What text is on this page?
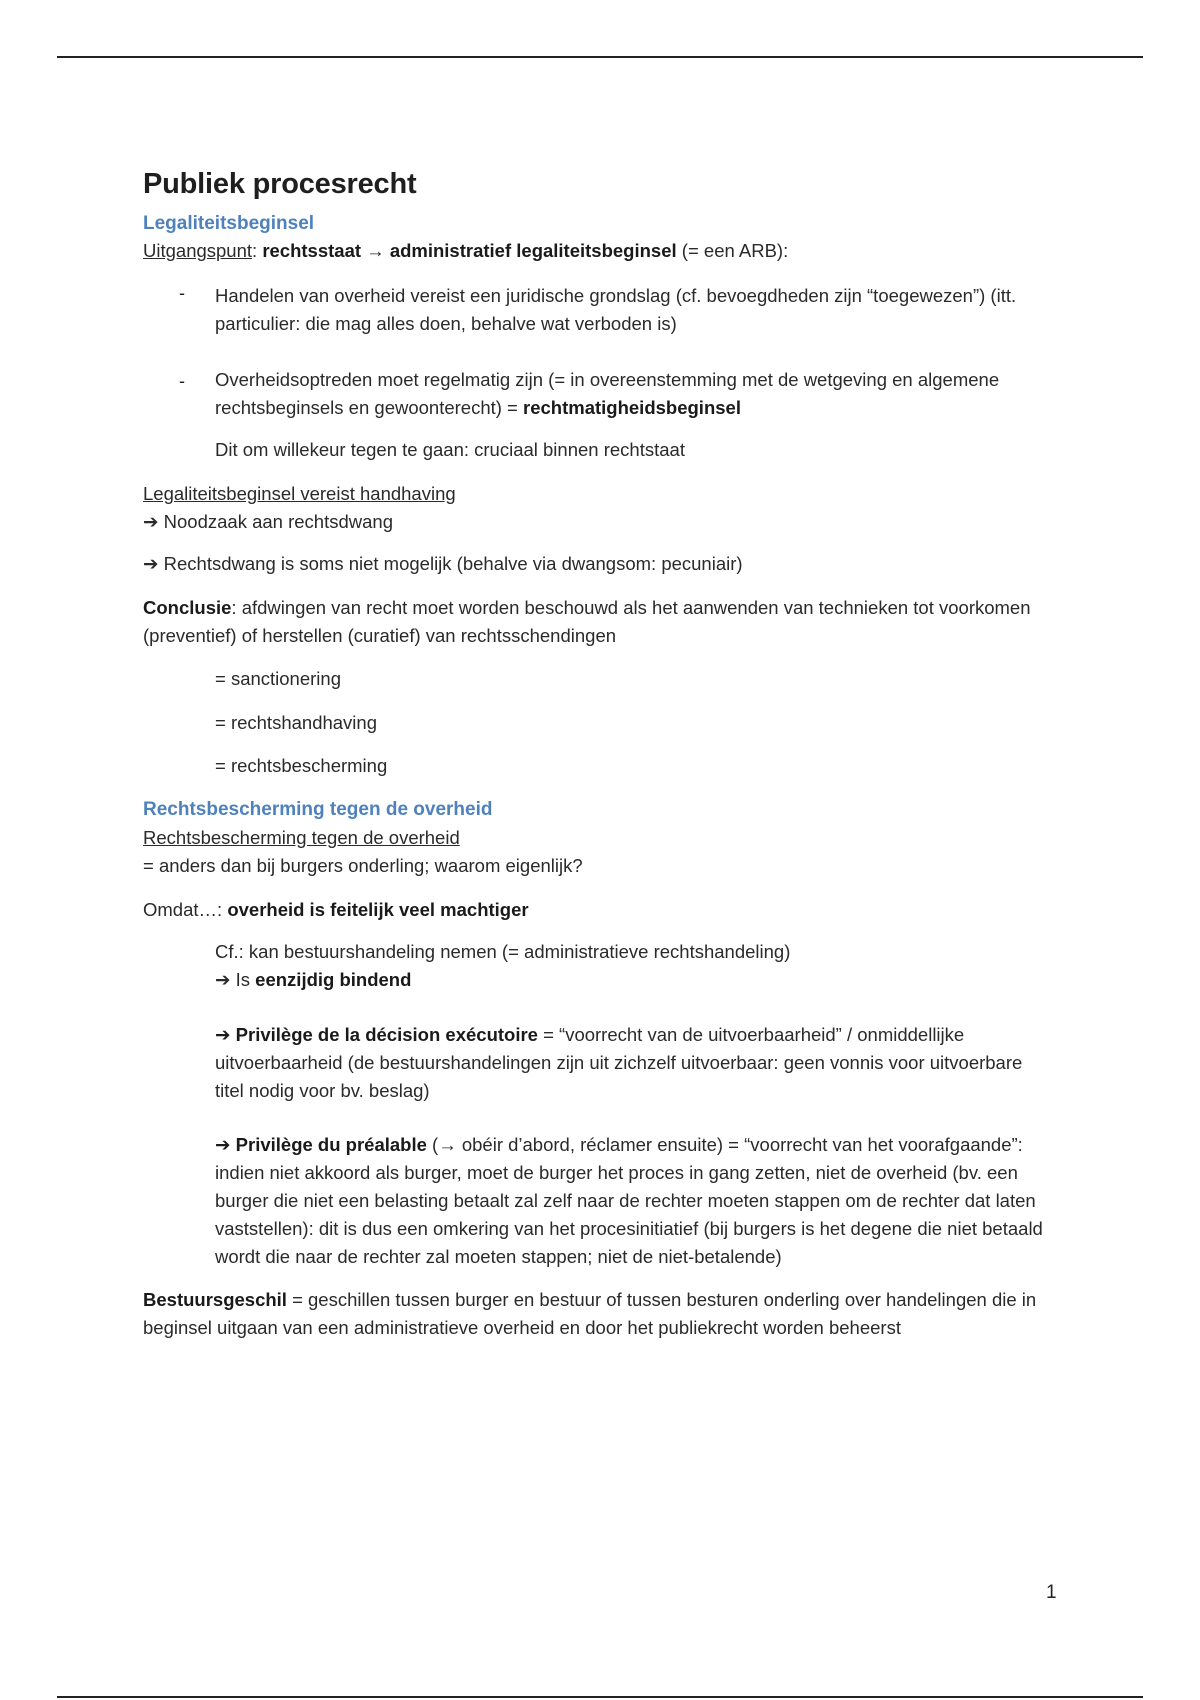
Publiek procesrecht
Legaliteitsbeginsel
Uitgangspunt: rechtsstaat → administratief legaliteitsbeginsel (= een ARB):
- Handelen van overheid vereist een juridische grondslag (cf. bevoegdheden zijn “toegewezen”) (itt. particulier: die mag alles doen, behalve wat verboden is)
- Overheidsoptreden moet regelmatig zijn (= in overeenstemming met de wetgeving en algemene rechtsbeginsels en gewoonterecht) = rechtmatigheidsbeginsel
Dit om willekeur tegen te gaan: cruciaal binnen rechtstaat
Legaliteitsbeginsel vereist handhaving
➔ Noodzaak aan rechtsdwang
➔ Rechtsdwang is soms niet mogelijk (behalve via dwangsom: pecuniair)
Conclusie: afdwingen van recht moet worden beschouwd als het aanwenden van technieken tot voorkomen (preventief) of herstellen (curatief) van rechtsschendingen
= sanctionering
= rechtshandhaving
= rechtsbescherming
Rechtsbescherming tegen de overheid
Rechtsbescherming tegen de overheid
= anders dan bij burgers onderling; waarom eigenlijk?
Omdat…: overheid is feitelijk veel machtiger
Cf.: kan bestuurshandeling nemen (= administratieve rechtshandeling)
➔ Is eenzijdig bindend
➔ Privilège de la décision exécutoire = “voorrecht van de uitvoerbaarheid” / onmiddellijke uitvoerbaarheid (de bestuurshandelingen zijn uit zichzelf uitvoerbaar: geen vonnis voor uitvoerbare titel nodig voor bv. beslag)
➔ Privilège du préalable (→ obéir d’abord, réclamer ensuite) = “voorrecht van het voorafgaande”: indien niet akkoord als burger, moet de burger het proces in gang zetten, niet de overheid (bv. een burger die niet een belasting betaalt zal zelf naar de rechter moeten stappen om de rechter dat laten vaststellen): dit is dus een omkering van het procesinitiatief (bij burgers is het degene die niet betaald wordt die naar de rechter zal moeten stappen; niet de niet-betalende)
Bestuursgeschil = geschillen tussen burger en bestuur of tussen besturen onderling over handelingen die in beginsel uitgaan van een administratieve overheid en door het publiekrecht worden beheerst
1
